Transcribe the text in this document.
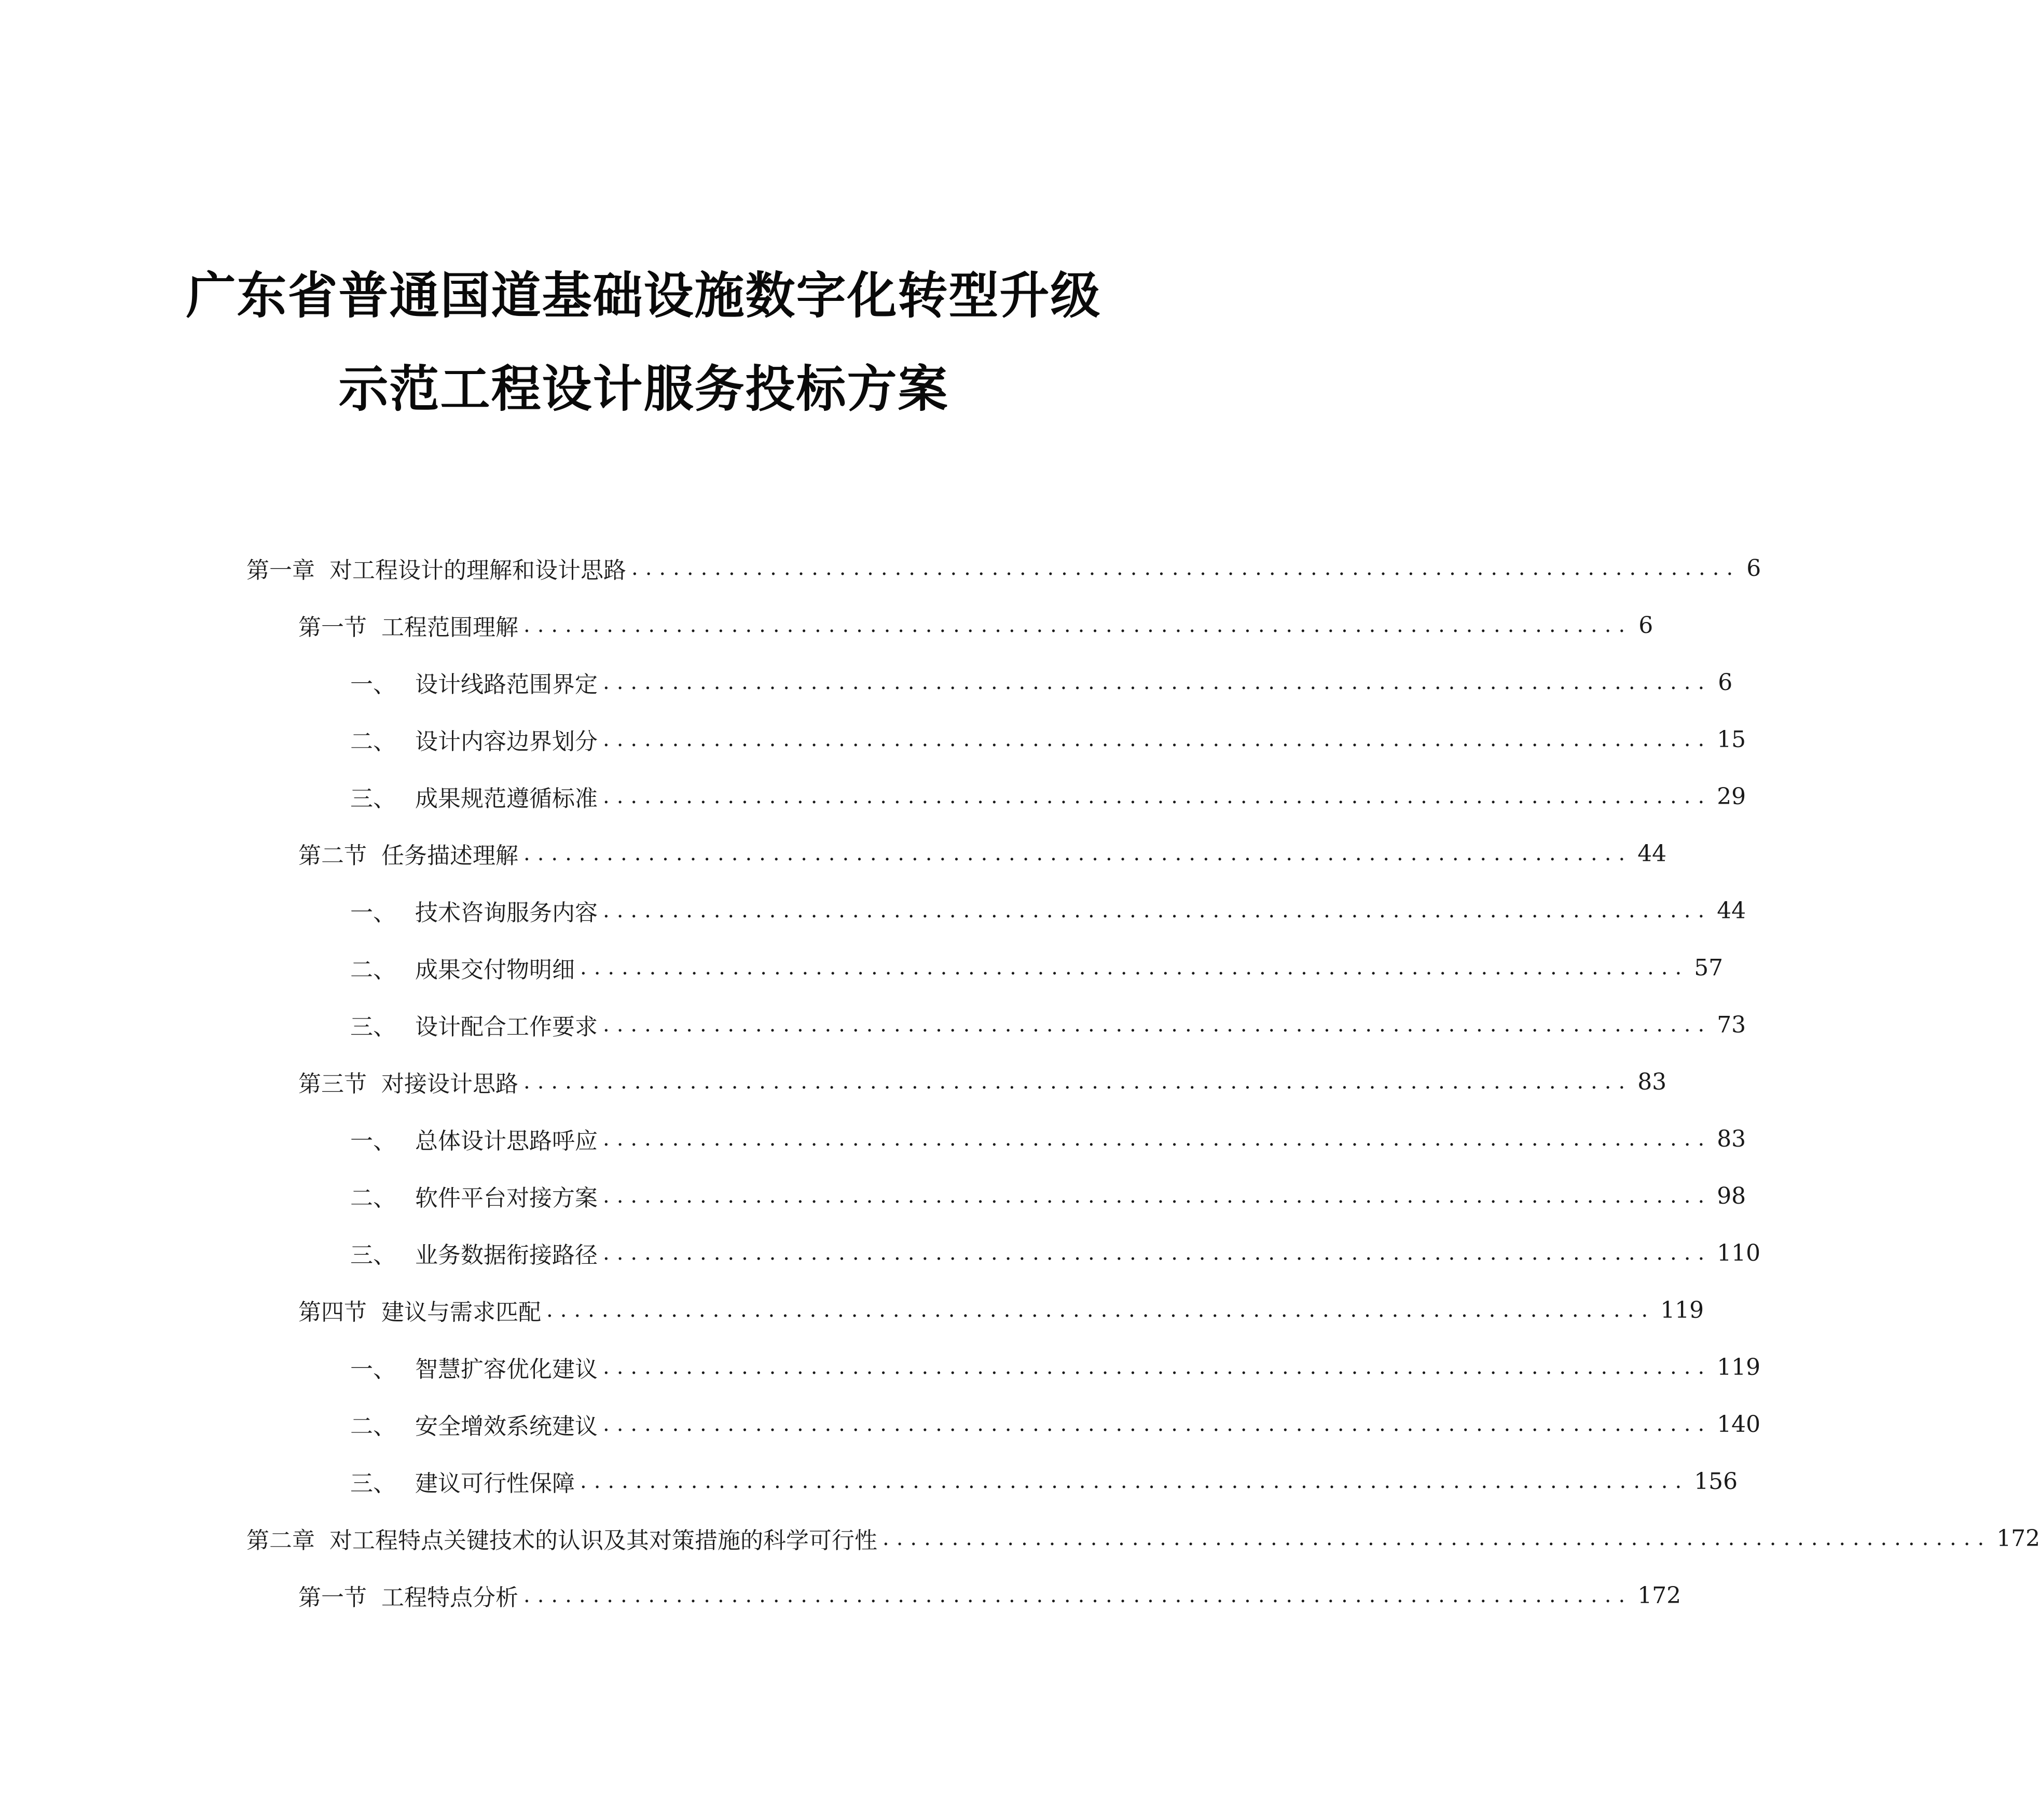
广东省普通国道基础设施数字化转型升级
示范工程设计服务投标方案
第一章 对工程设计的理解和设计思路 ................................................................................ 6
第一节 工程范围理解 ................................................................................ 6
一、 设计线路范围界定 ................................................................................ 6
二、 设计内容边界划分 ................................................................................ 15
三、 成果规范遵循标准 ................................................................................ 29
第二节 任务描述理解 ................................................................................ 44
一、 技术咨询服务内容 ................................................................................ 44
二、 成果交付物明细 ................................................................................ 57
三、 设计配合工作要求 ................................................................................ 73
第三节 对接设计思路 ................................................................................ 83
一、 总体设计思路呼应 ................................................................................ 83
二、 软件平台对接方案 ................................................................................ 98
三、 业务数据衔接路径 ................................................................................ 110
第四节 建议与需求匹配 ................................................................................ 119
一、 智慧扩容优化建议 ................................................................................ 119
二、 安全增效系统建议 ................................................................................ 140
三、 建议可行性保障 ................................................................................ 156
第二章 对工程特点关键技术的认识及其对策措施的科学可行性 ................................................................................ 172
第一节 工程特点分析 ................................................................................ 172
